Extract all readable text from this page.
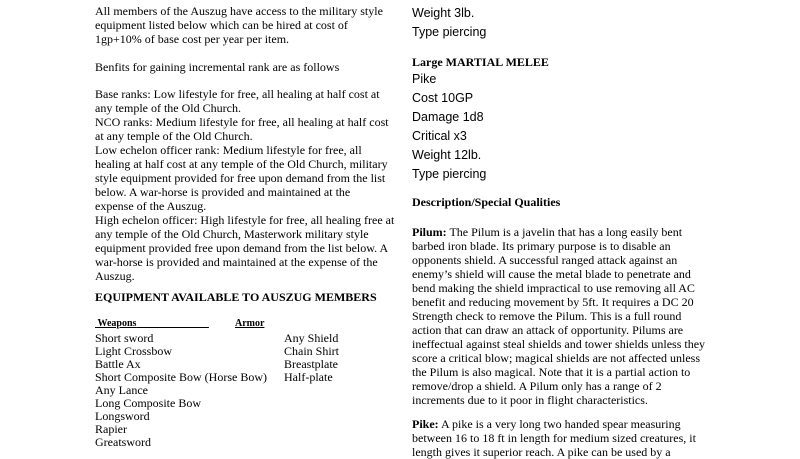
All members of the Auszug have access to the military style
equipment listed below which can be hired at cost of
1gp+10% of base cost per year per item.
Benfits for gaining incremental rank are as follows
Base ranks: Low lifestyle for free, all healing at half cost at
any temple of the Old Church.
NCO ranks: Medium lifestyle for free, all healing at half cost
at any temple of the Old Church.
Low echelon officer rank: Medium lifestyle for free, all
healing at half cost at any temple of the Old Church, military
style equipment provided for free upon demand from the list
below. A war-horse is provided and maintained at the
expense of the Auszug.
High echelon officer: High lifestyle for free, all healing free at
any temple of the Old Church, Masterwork military style
equipment provided free upon demand from the list below. A
war-horse is provided and maintained at the expense of the
Auszug.
EQUIPMENT AVAILABLE TO AUSZUG MEMBERS
Weapons	Armor
Short sword	Any Shield
Light Crossbow	Chain Shirt
Battle Ax	Breastplate
Short Composite Bow (Horse Bow)	Half-plate
Any Lance
Long Composite Bow
Longsword
Rapier
Greatsword
Weight 3lb.
Type piercing
Large MARTIAL MELEE
Pike
Cost 10GP
Damage 1d8
Critical x3
Weight 12lb.
Type piercing
Description/Special Qualities
Pilum: The Pilum is a javelin that has a long easily bent
barbed iron blade. Its primary purpose is to disable an
opponents shield. A successful ranged attack against an
enemy’s shield will cause the metal blade to penetrate and
bend making the shield impractical to use removing all AC
benefit and reducing movement by 5ft. It requires a DC 20
Strength check to remove the Pilum. This is a full round
action that can draw an attack of opportunity. Pilums are
ineffectual against steal shields and tower shields unless they
score a critical blow; magical shields are not affected unless
the Pilum is also magical. Note that it is a partial action to
remove/drop a shield. A Pilum only has a range of 2
increments due to it poor in flight characteristics.
Pike: A pike is a very long two handed spear measuring
between 16 to 18 ft in length for medium sized creatures, it
length gives it superior reach. A pike can be used by a
